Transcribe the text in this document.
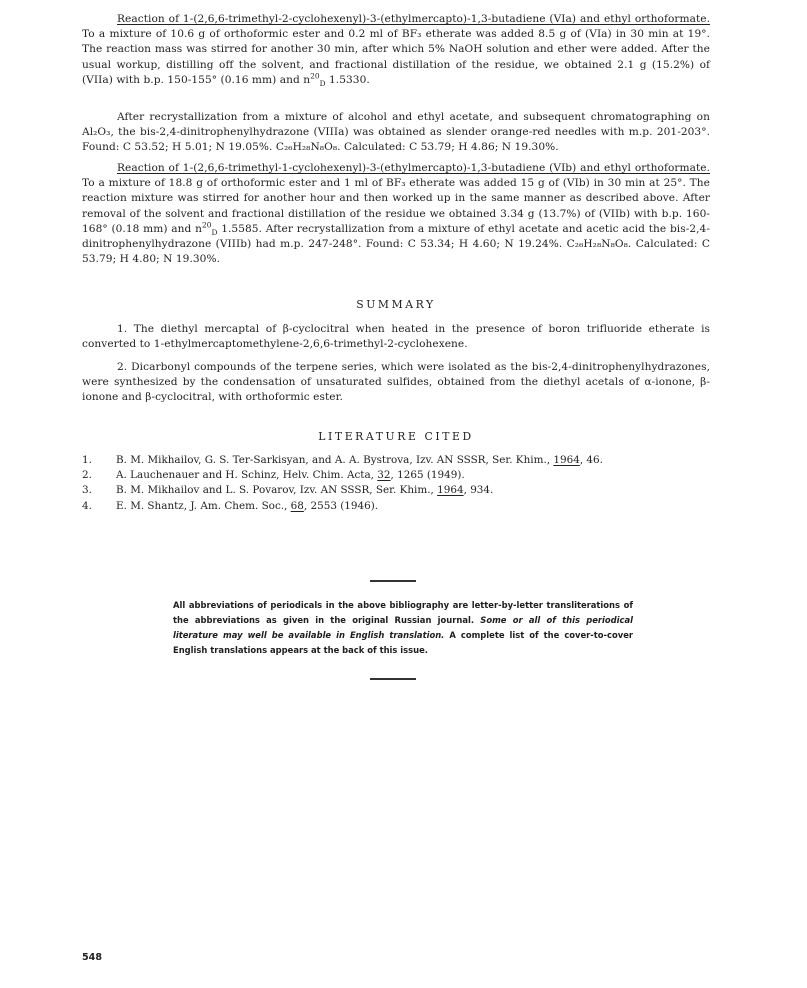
Reaction of 1-(2,6,6-trimethyl-2-cyclohexenyl)-3-(ethylmercapto)-1,3-butadiene (VIa) and ethyl orthoformate. To a mixture of 10.6 g of orthoformic ester and 0.2 ml of BF₃ etherate was added 8.5 g of (VIa) in 30 min at 19°. The reaction mass was stirred for another 30 min, after which 5% NaOH solution and ether were added. After the usual workup, distilling off the solvent, and fractional distillation of the residue, we obtained 2.1 g (15.2%) of (VIIa) with b.p. 150-155° (0.16 mm) and $n^{20}_D$ 1.5330.

After recrystallization from a mixture of alcohol and ethyl acetate, and subsequent chromatographing on Al₂O₃, the bis-2,4-dinitrophenylhydrazone (VIIIa) was obtained as slender orange-red needles with m.p. 201-203°. Found: C 53.52; H 5.01; N 19.05%. C₂₆H₂₈N₈O₈. Calculated: C 53.79; H 4.86; N 19.30%.

Reaction of 1-(2,6,6-trimethyl-1-cyclohexenyl)-3-(ethylmercapto)-1,3-butadiene (VIb) and ethyl orthoformate. To a mixture of 18.8 g of orthoformic ester and 1 ml of BF₃ etherate was added 15 g of (VIb) in 30 min at 25°. The reaction mixture was stirred for another hour and then worked up in the same manner as described above. After removal of the solvent and fractional distillation of the residue we obtained 3.34 g (13.7%) of (VIIb) with b.p. 160-168° (0.18 mm) and $n^{20}_D$ 1.5585. After recrystallization from a mixture of ethyl acetate and acetic acid the bis-2,4-dinitrophenylhydrazone (VIIIb) had m.p. 247-248°. Found: C 53.34; H 4.60; N 19.24%. C₂₆H₂₈N₈O₈. Calculated: C 53.79; H 4.80; N 19.30%.

SUMMARY

1. The diethyl mercaptal of β-cyclocitral when heated in the presence of boron trifluoride etherate is converted to 1-ethylmercaptomethylene-2,6,6-trimethyl-2-cyclohexene.

2. Dicarbonyl compounds of the terpene series, which were isolated as the bis-2,4-dinitrophenylhydrazones, were synthesized by the condensation of unsaturated sulfides, obtained from the diethyl acetals of α-ionone, β-ionone and β-cyclocitral, with orthoformic ester.

LITERATURE CITED
1.	B. M. Mikhailov, G. S. Ter-Sarkisyan, and A. A. Bystrova, Izv. AN SSSR, Ser. Khim., 1964, 46.
2.	A. Lauchenauer and H. Schinz, Helv. Chim. Acta, 32, 1265 (1949).
3.	B. M. Mikhailov and L. S. Povarov, Izv. AN SSSR, Ser. Khim., 1964, 934.
4.	E. M. Shantz, J. Am. Chem. Soc., 68, 2553 (1946).
All abbreviations of periodicals in the above bibliography are letter-by-letter transliterations of the abbreviations as given in the original Russian journal. Some or all of this periodical literature may well be available in English translation. A complete list of the cover-to-cover English translations appears at the back of this issue.
548
